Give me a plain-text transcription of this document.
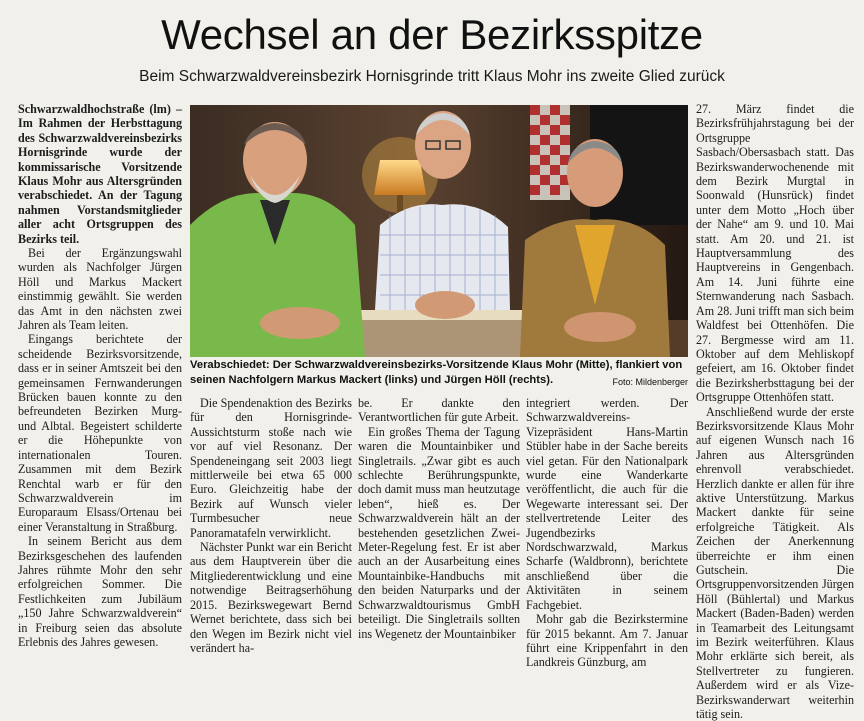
Wechsel an der Bezirksspitze
Beim Schwarzwaldvereinsbezirk Hornisgrinde tritt Klaus Mohr ins zweite Glied zurück

Schwarzwaldhochstraße (lm) – Im Rahmen der Herbsttagung des Schwarzwaldvereinsbezirks Hornisgrinde wurde der kommissarische Vorsitzende Klaus Mohr aus Altersgründen verabschiedet. An der Tagung nahmen Vorstandsmitglieder aller acht Ortsgruppen des Bezirks teil.

Bei der Ergänzungswahl wurden als Nachfolger Jürgen Höll und Markus Mackert einstimmig gewählt. Sie werden das Amt in den nächsten zwei Jahren als Team leiten.

Eingangs berichtete der scheidende Bezirksvorsitzende, dass er in seiner Amtszeit bei den gemeinsamen Fernwanderungen Brücken bauen konnte zu den befreundeten Bezirken Murg- und Albtal. Begeistert schilderte er die Höhepunkte von internationalen Touren. Zusammen mit dem Bezirk Renchtal warb er für den Schwarzwaldverein im Europaraum Elsass/Ortenau bei einer Veranstaltung in Straßburg.

In seinem Bericht aus dem Bezirksgeschehen des laufenden Jahres rühmte Mohr den sehr erfolgreichen Sommer. Die Festlichkeiten zum Jubiläum „150 Jahre Schwarzwaldverein“ in Freiburg seien das absolute Erlebnis des Jahres gewesen.

Verabschiedet: Der Schwarzwaldvereinsbezirks-Vorsitzende Klaus Mohr (Mitte), flankiert von seinen Nachfolgern Markus Mackert (links) und Jürgen Höll (rechts).	Foto: Mildenberger

Die Spendenaktion des Bezirks für den Hornisgrinde-Aussichtsturm stoße nach wie vor auf viel Resonanz. Der Spendeneingang seit 2003 liegt mittlerweile bei etwa 65 000 Euro. Gleichzeitig habe der Bezirk auf Wunsch vieler Turmbesucher neue Panoramatafeln verwirklicht.

Nächster Punkt war ein Bericht aus dem Hauptverein über die Mitgliederentwicklung und eine notwendige Beitragserhöhung 2015. Bezirkswegewart Bernd Wernet berichtete, dass sich bei den Wegen im Bezirk nicht viel verändert ha-

be. Er dankte den Verantwortlichen für gute Arbeit.

Ein großes Thema der Tagung waren die Mountainbiker und Singletrails. „Zwar gibt es auch schlechte Berührungspunkte, doch damit muss man heutzutage leben“, hieß es. Der Schwarzwaldverein hält an der bestehenden gesetzlichen Zwei-Meter-Regelung fest. Er ist aber auch an der Ausarbeitung eines Mountainbike-Handbuchs mit den beiden Naturparks und der Schwarzwaldtourismus GmbH beteiligt. Die Singletrails sollten ins Wegenetz der Mountainbiker

integriert werden. Der Schwarzwaldvereins-Vizepräsident Hans-Martin Stübler habe in der Sache bereits viel getan. Für den Nationalpark wurde eine Wanderkarte veröffentlicht, die auch für die Wegewarte interessant sei. Der stellvertretende Leiter des Jugendbezirks Nordschwarzwald, Markus Scharfe (Waldbronn), berichtete anschließend über die Aktivitäten in seinem Fachgebiet.

Mohr gab die Bezirkstermine für 2015 bekannt. Am 7. Januar führt eine Krippenfahrt in den Landkreis Günzburg, am

27. März findet die Bezirksfrühjahrstagung bei der Ortsgruppe Sasbach/Obersasbach statt. Das Bezirkswanderwochenende mit dem Bezirk Murgtal in Soonwald (Hunsrück) findet unter dem Motto „Hoch über der Nahe“ am 9. und 10. Mai statt. Am 20. und 21. ist Hauptversammlung des Hauptvereins in Gengenbach. Am 14. Juni führte eine Sternwanderung nach Sasbach. Am 28. Juni trifft man sich beim Waldfest bei Ottenhöfen. Die 27. Bergmesse wird am 11. Oktober auf dem Mehliskopf gefeiert, am 16. Oktober findet die Bezirksherbsttagung bei der Ortsgruppe Ottenhöfen statt.

Anschließend wurde der erste Bezirksvorsitzende Klaus Mohr auf eigenen Wunsch nach 16 Jahren aus Altersgründen ehrenvoll verabschiedet. Herzlich dankte er allen für ihre aktive Unterstützung. Markus Mackert dankte für seine erfolgreiche Tätigkeit. Als Zeichen der Anerkennung überreichte er ihm einen Gutschein. Die Ortsgruppenvorsitzenden Jürgen Höll (Bühlertal) und Markus Mackert (Baden-Baden) werden in Teamarbeit des Leitungsamt im Bezirk weiterführen. Klaus Mohr erklärte sich bereit, als Stellvertreter zu fungieren. Außerdem wird er als Vize-Bezirkswanderwart weiterhin tätig sein.
